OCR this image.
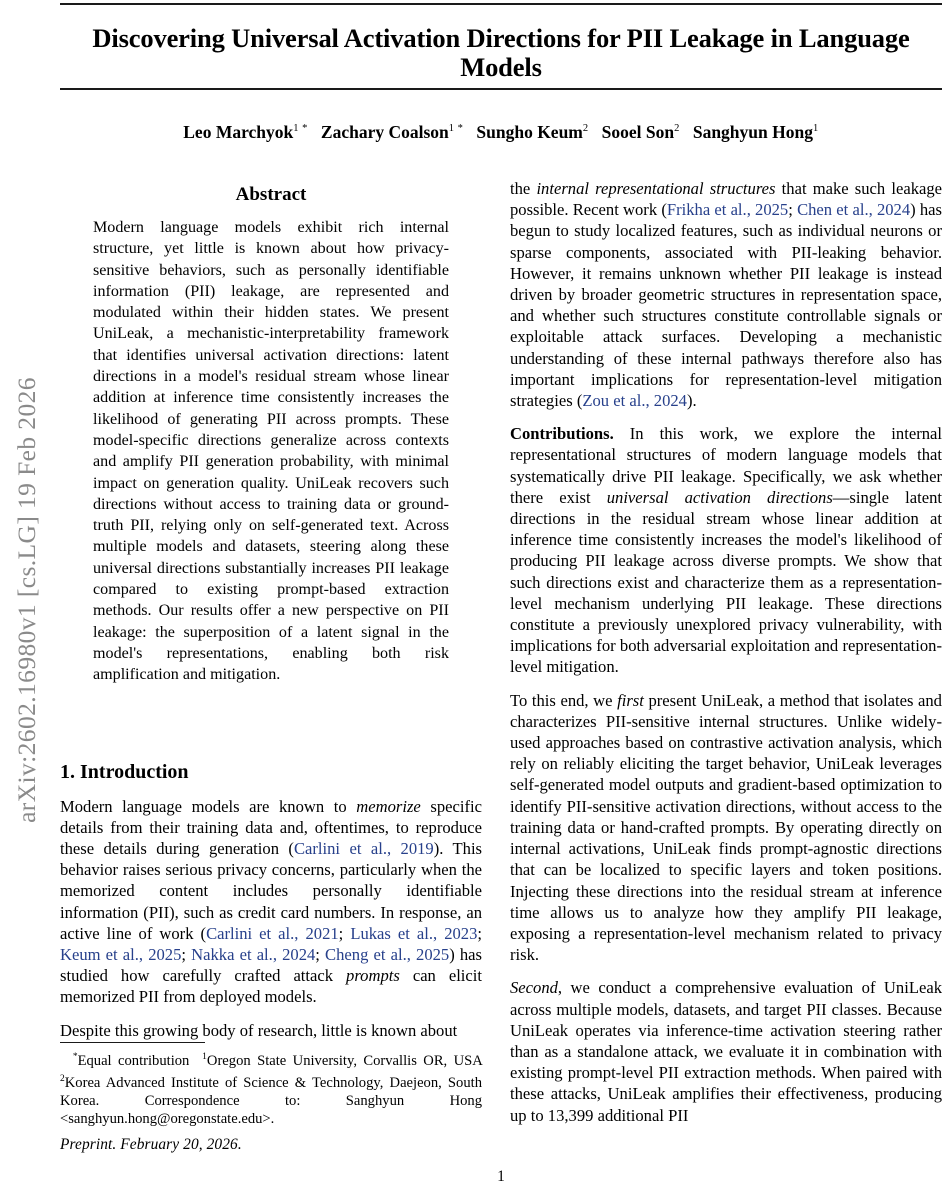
arXiv:2602.16980v1 [cs.LG] 19 Feb 2026
Discovering Universal Activation Directions for PII Leakage in Language Models
Leo Marchyok$^{1 *}$ Zachary Coalson$^{1 *}$ Sungho Keum$^2$ Sooel Son$^2$ Sanghyun Hong$^1$
Abstract

Modern language models exhibit rich internal structure, yet little is known about how privacy-sensitive behaviors, such as personally identifiable information (PII) leakage, are represented and modulated within their hidden states. We present UniLeak, a mechanistic-interpretability framework that identifies universal activation directions: latent directions in a model's residual stream whose linear addition at inference time consistently increases the likelihood of generating PII across prompts. These model-specific directions generalize across contexts and amplify PII generation probability, with minimal impact on generation quality. UniLeak recovers such directions without access to training data or ground-truth PII, relying only on self-generated text. Across multiple models and datasets, steering along these universal directions substantially increases PII leakage compared to existing prompt-based extraction methods. Our results offer a new perspective on PII leakage: the superposition of a latent signal in the model's representations, enabling both risk amplification and mitigation.

1. Introduction

Modern language models are known to memorize specific details from their training data and, oftentimes, to reproduce these details during generation (Carlini et al., 2019). This behavior raises serious privacy concerns, particularly when the memorized content includes personally identifiable information (PII), such as credit card numbers. In response, an active line of work (Carlini et al., 2021; Lukas et al., 2023; Keum et al., 2025; Nakka et al., 2024; Cheng et al., 2025) has studied how carefully crafted attack prompts can elicit memorized PII from deployed models.

Despite this growing body of research, little is known about

the internal representational structures that make such leakage possible. Recent work (Frikha et al., 2025; Chen et al., 2024) has begun to study localized features, such as individual neurons or sparse components, associated with PII-leaking behavior. However, it remains unknown whether PII leakage is instead driven by broader geometric structures in representation space, and whether such structures constitute controllable signals or exploitable attack surfaces. Developing a mechanistic understanding of these internal pathways therefore also has important implications for representation-level mitigation strategies (Zou et al., 2024).

Contributions. In this work, we explore the internal representational structures of modern language models that systematically drive PII leakage. Specifically, we ask whether there exist universal activation directions—single latent directions in the residual stream whose linear addition at inference time consistently increases the model's likelihood of producing PII leakage across diverse prompts. We show that such directions exist and characterize them as a representation-level mechanism underlying PII leakage. These directions constitute a previously unexplored privacy vulnerability, with implications for both adversarial exploitation and representation-level mitigation.

To this end, we first present UniLeak, a method that isolates and characterizes PII-sensitive internal structures. Unlike widely-used approaches based on contrastive activation analysis, which rely on reliably eliciting the target behavior, UniLeak leverages self-generated model outputs and gradient-based optimization to identify PII-sensitive activation directions, without access to the training data or hand-crafted prompts. By operating directly on internal activations, UniLeak finds prompt-agnostic directions that can be localized to specific layers and token positions. Injecting these directions into the residual stream at inference time allows us to analyze how they amplify PII leakage, exposing a representation-level mechanism related to privacy risk.

Second, we conduct a comprehensive evaluation of UniLeak across multiple models, datasets, and target PII classes. Because UniLeak operates via inference-time activation steering rather than as a standalone attack, we evaluate it in combination with existing prompt-level PII extraction methods. When paired with these attacks, UniLeak amplifies their effectiveness, producing up to 13,399 additional PII

*Equal contribution $^1$Oregon State University, Corvallis OR, USA $^2$Korea Advanced Institute of Science & Technology, Daejeon, South Korea.	Correspondence to: Sanghyun Hong <sanghyun.hong@oregonstate.edu>.

Preprint. February 20, 2026.
1
